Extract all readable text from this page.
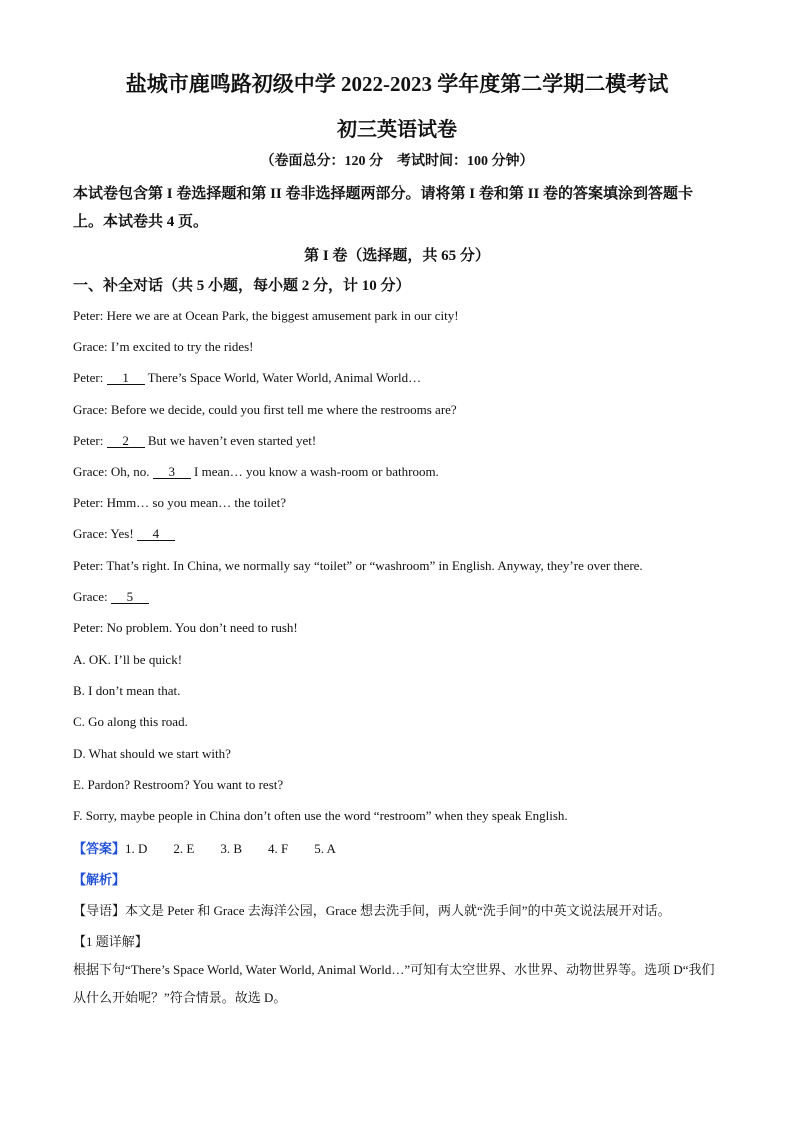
盐城市鹿鸣路初级中学 2022-2023 学年度第二学期二模考试
初三英语试卷
（卷面总分：120 分　考试时间：100 分钟）
本试卷包含第 I 卷选择题和第 II 卷非选择题两部分。请将第 I 卷和第 II 卷的答案填涂到答题卡上。本试卷共 4 页。
第 I 卷（选择题，共 65 分）
一、补全对话（共 5 小题，每小题 2 分，计 10 分）
Peter: Here we are at Ocean Park, the biggest amusement park in our city!
Grace: I’m excited to try the rides!
Peter: 1 There’s Space World, Water World, Animal World…
Grace: Before we decide, could you first tell me where the restrooms are?
Peter: 2 But we haven’t even started yet!
Grace: Oh, no. 3 I mean… you know a wash-room or bathroom.
Peter: Hmm… so you mean… the toilet?
Grace: Yes! 4
Peter: That’s right. In China, we normally say “toilet” or “washroom” in English. Anyway, they’re over there.
Grace: 5
Peter: No problem. You don’t need to rush!
A. OK. I’ll be quick!
B. I don’t mean that.
C. Go along this road.
D. What should we start with?
E. Pardon? Restroom? You want to rest?
F. Sorry, maybe people in China don’t often use the word “restroom” when they speak English.
【答案】1. D 2. E 3. B 4. F 5. A
【解析】
【导语】本文是 Peter 和 Grace 去海洋公园，Grace 想去洗手间，两人就“洗手间”的中英文说法展开对话。
【1 题详解】
根据下句“There’s Space World, Water World, Animal World…”可知有太空世界、水世界、动物世界等。选项 D“我们从什么开始呢？”符合情景。故选 D。
